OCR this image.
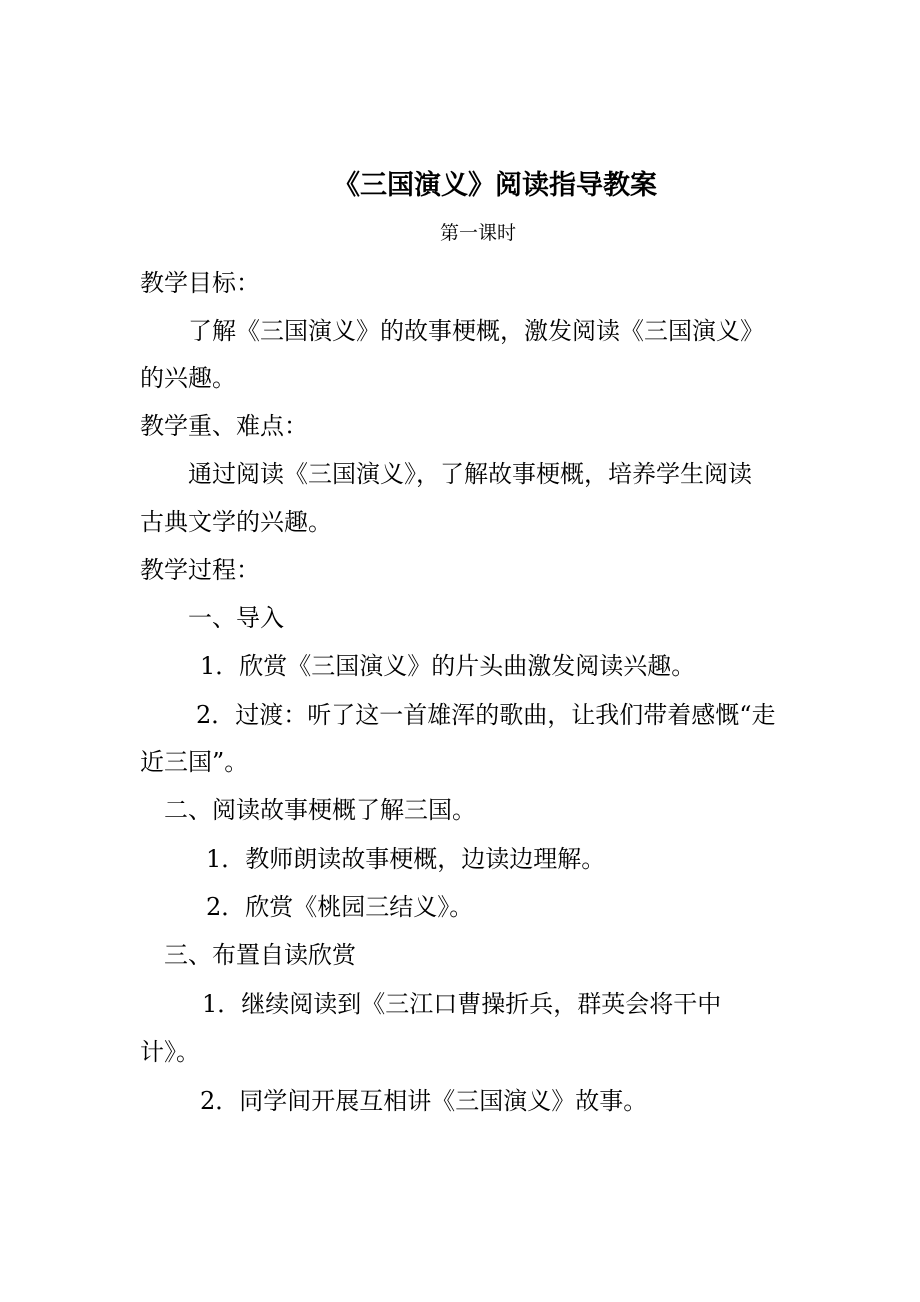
《三国演义》阅读指导教案

第一课时

教学目标：

了解《三国演义》的故事梗概，激发阅读《三国演义》

的兴趣。

教学重、难点：

通过阅读《三国演义》，了解故事梗概，培养学生阅读

古典文学的兴趣。

教学过程：

一、导入

1．欣赏《三国演义》的片头曲激发阅读兴趣。

2．过渡：听了这一首雄浑的歌曲，让我们带着感慨“走

近三国”。

二、阅读故事梗概了解三国。

1．教师朗读故事梗概，边读边理解。

2．欣赏《桃园三结义》。

三、布置自读欣赏

1．继续阅读到《三江口曹操折兵，群英会将干中

计》。

2．同学间开展互相讲《三国演义》故事。
